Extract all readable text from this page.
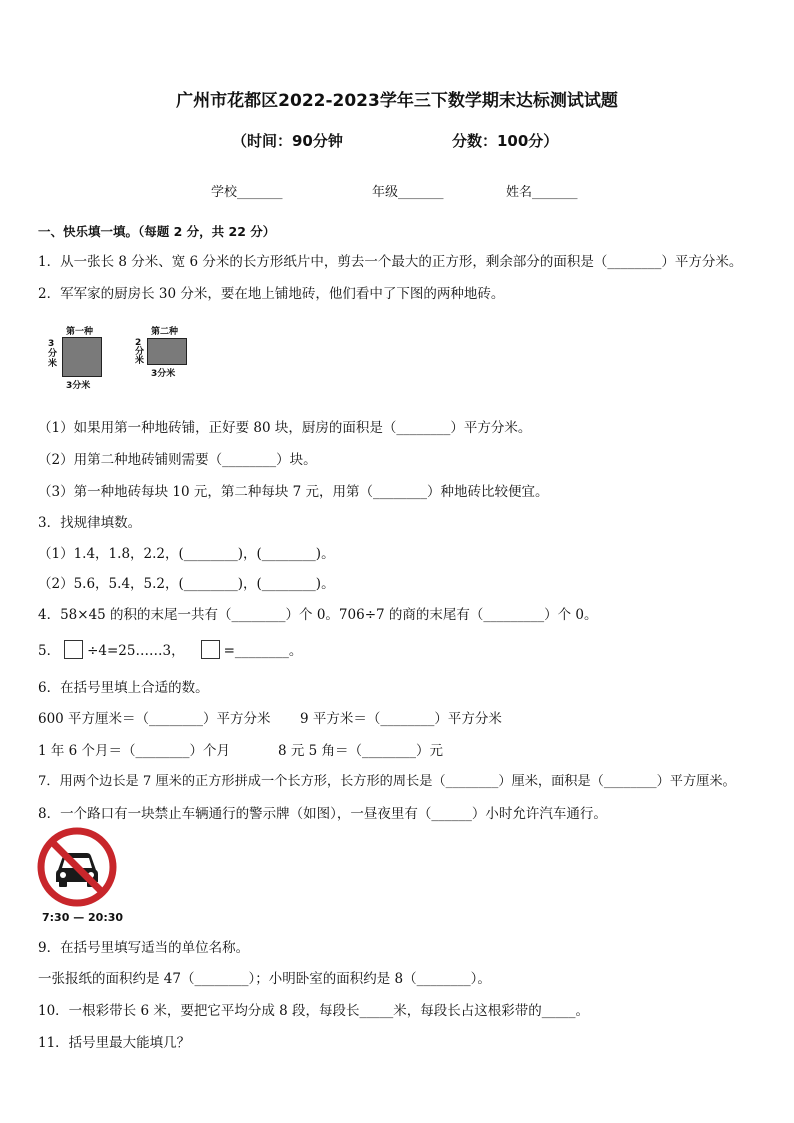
广州市花都区2022-2023学年三下数学期末达标测试试题
（时间：90分钟	分数：100分）
学校_______	年级_______	姓名_______
一、快乐填一填。（每题 2 分，共 22 分）
1．从一张长 8 分米、宽 6 分米的长方形纸片中，剪去一个最大的正方形，剩余部分的面积是（________）平方分米。
2．军军家的厨房长 30 分米，要在地上铺地砖，他们看中了下图的两种地砖。
第一种
3分米
3分米
第二种
2分米
3分米
（1）如果用第一种地砖铺，正好要 80 块，厨房的面积是（________）平方分米。
（2）用第二种地砖铺则需要（________）块。
（3）第一种地砖每块 10 元，第二种每块 7 元，用第（________）种地砖比较便宜。
3．找规律填数。
（1）1.4，1.8，2.2，(________)，(________)。
（2）5.6，5.4，5.2，(________)，(________)。
4．58×45 的积的末尾一共有（________）个 0。706÷7 的商的末尾有（_________）个 0。
5． ÷4=25……3，	=________。
6．在括号里填上合适的数。
600 平方厘米＝（________）平方分米 9 平方米＝（________）平方分米
1 年 6 个月＝（________）个月	8 元 5 角＝（________）元
7．用两个边长是 7 厘米的正方形拼成一个长方形，长方形的周长是（________）厘米，面积是（________）平方厘米。
8．一个路口有一块禁止车辆通行的警示牌（如图），一昼夜里有（______）小时允许汽车通行。
7:30 — 20:30
9．在括号里填写适当的单位名称。
一张报纸的面积约是 47（________）；小明卧室的面积约是 8（________）。
10．一根彩带长 6 米，要把它平均分成 8 段，每段长_____米，每段长占这根彩带的_____。
11．括号里最大能填几？
